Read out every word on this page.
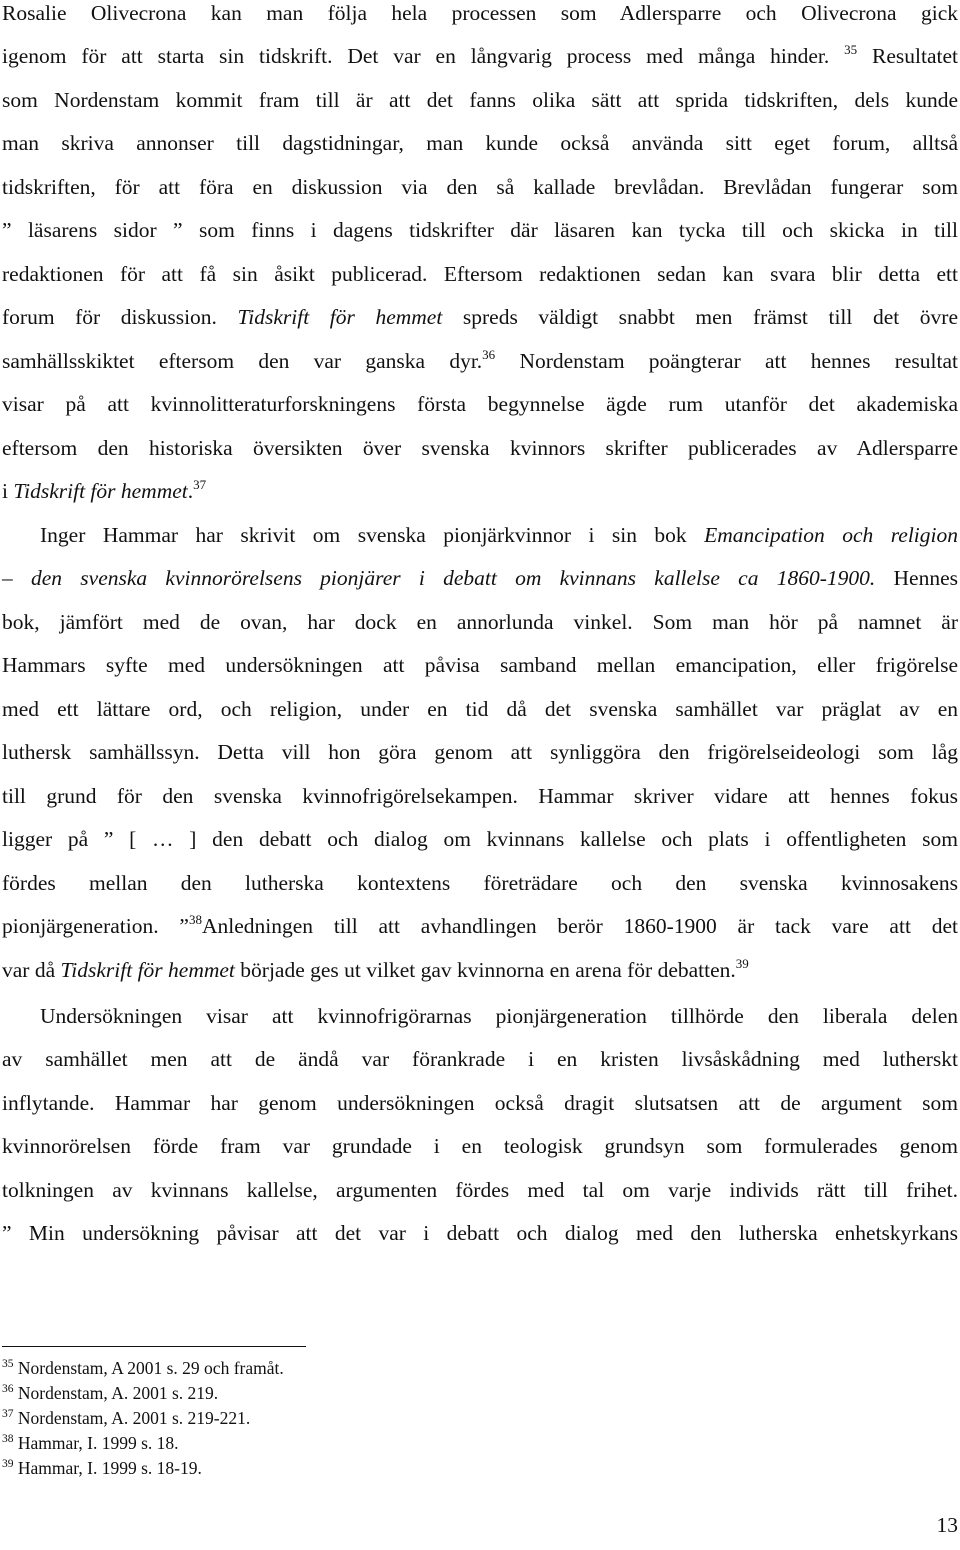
Rosalie Olivecrona kan man följa hela processen som Adlersparre och Olivecrona gick
igenom för att starta sin tidskrift. Det var en långvarig process med många hinder. $^{35}$ Resultatet
som Nordenstam kommit fram till är att det fanns olika sätt att sprida tidskriften, dels kunde
man skriva annonser till dagstidningar, man kunde också använda sitt eget forum, alltså
tidskriften, för att föra en diskussion via den så kallade brevlådan. Brevlådan fungerar som
” läsarens sidor ” som finns i dagens tidskrifter där läsaren kan tycka till och skicka in till
redaktionen för att få sin åsikt publicerad. Eftersom redaktionen sedan kan svara blir detta ett
forum för diskussion. Tidskrift för hemmet spreds väldigt snabbt men främst till det övre
samhällsskiktet eftersom den var ganska dyr.$^{36}$ Nordenstam poängterar att hennes resultat
visar på att kvinnolitteraturforskningens första begynnelse ägde rum utanför det akademiska
eftersom den historiska översikten över svenska kvinnors skrifter publicerades av Adlersparre
i Tidskrift för hemmet.$^{37}$
Inger Hammar har skrivit om svenska pionjärkvinnor i sin bok Emancipation och religion
– den svenska kvinnorörelsens pionjärer i debatt om kvinnans kallelse ca 1860-1900. Hennes
bok, jämfört med de ovan, har dock en annorlunda vinkel. Som man hör på namnet är
Hammars syfte med undersökningen att påvisa samband mellan emancipation, eller frigörelse
med ett lättare ord, och religion, under en tid då det svenska samhället var präglat av en
luthersk samhällssyn. Detta vill hon göra genom att synliggöra den frigörelseideologi som låg
till grund för den svenska kvinnofrigörelsekampen. Hammar skriver vidare att hennes fokus
ligger på ” [ … ] den debatt och dialog om kvinnans kallelse och plats i offentligheten som
fördes mellan den lutherska kontextens företrädare och den svenska kvinnosakens
pionjärgeneration. ”$^{38}$Anledningen till att avhandlingen berör 1860-1900 är tack vare att det
var då Tidskrift för hemmet började ges ut vilket gav kvinnorna en arena för debatten.$^{39}$
Undersökningen visar att kvinnofrigörarnas pionjärgeneration tillhörde den liberala delen
av samhället men att de ändå var förankrade i en kristen livsåskådning med lutherskt
inflytande. Hammar har genom undersökningen också dragit slutsatsen att de argument som
kvinnorörelsen förde fram var grundade i en teologisk grundsyn som formulerades genom
tolkningen av kvinnans kallelse, argumenten fördes med tal om varje individs rätt till frihet.
” Min undersökning påvisar att det var i debatt och dialog med den lutherska enhetskyrkans
$^{35}$ Nordenstam, A 2001 s. 29 och framåt.
$^{36}$ Nordenstam, A. 2001 s. 219.
$^{37}$ Nordenstam, A. 2001 s. 219-221.
$^{38}$ Hammar, I. 1999 s. 18.
$^{39}$ Hammar, I. 1999 s. 18-19.
13
